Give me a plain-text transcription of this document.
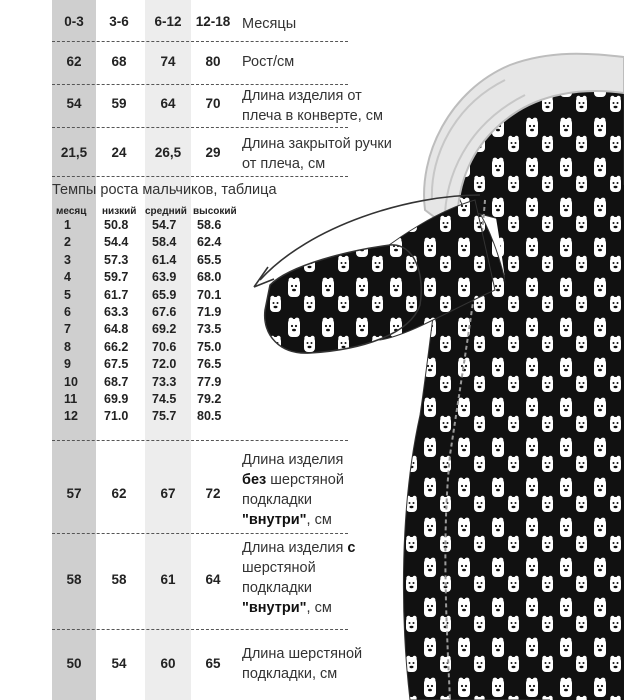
0-3	3-6	6-12	12-18 Месяцы
62	68	74	80	Рост/см
54	59	64	70	Длина изделия от плеча в конверте, см
21,5	24	26,5	29
Длина закрытой ручки от плеча, см
Темпы роста мальчиков, таблица
месяц низкий средний высокий
1	50.8 54.7 58.6
2	54.4 58.4 62.4
3	57.3 61.4 65.5
4	59.7 63.9 68.0
5	61.7 65.9 70.1
6	63.3 67.6 71.9
7	64.8 69.2 73.5
8	66.2 70.6 75.0
9	67.5 72.0 76.5
10 68.7 73.3 77.9
11 69.9 74.5 79.2
12 71.0 75.7 80.5
57	62	67	72
Длина изделия
без шерстяной подкладки
"внутри", см
58	58	61	64
Длина изделия с
шерстяной подкладки
"внутри", см
50	54	60	65
Длина шерстяной подкладки, см
